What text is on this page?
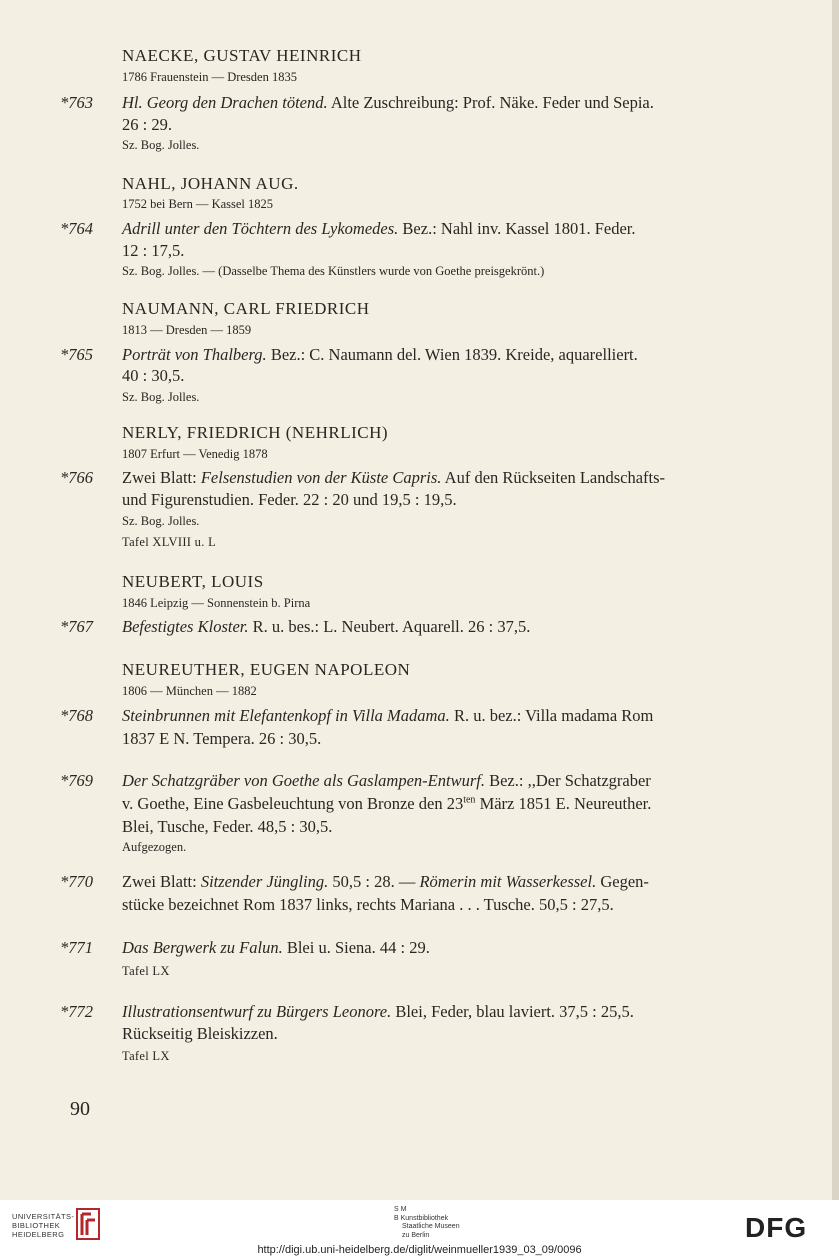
NAECKE, GUSTAV HEINRICH
1786 Frauenstein — Dresden 1835
*763 Hl. Georg den Drachen tötend. Alte Zuschreibung: Prof. Näke. Feder und Sepia.
26 : 29.
Sz. Bog. Jolles.
NAHL, JOHANN AUG.
1752 bei Bern — Kassel 1825
*764 Adrill unter den Töchtern des Lykomedes. Bez.: Nahl inv. Kassel 1801. Feder.
12 : 17,5.
Sz. Bog. Jolles. — (Dasselbe Thema des Künstlers wurde von Goethe preisgekrönt.)
NAUMANN, CARL FRIEDRICH
1813 — Dresden — 1859
*765 Porträt von Thalberg. Bez.: C. Naumann del. Wien 1839. Kreide, aquarelliert.
40 : 30,5.
Sz. Bog. Jolles.
NERLY, FRIEDRICH (NEHRLICH)
1807 Erfurt — Venedig 1878
*766 Zwei Blatt: Felsenstudien von der Küste Capris. Auf den Rückseiten Landschafts-
und Figurenstudien. Feder. 22 : 20 und 19,5 : 19,5.
Sz. Bog. Jolles.
Tafel XLVIII u. L
NEUBERT, LOUIS
1846 Leipzig — Sonnenstein b. Pirna
*767 Befestigtes Kloster. R. u. bes.: L. Neubert. Aquarell. 26 : 37,5.
NEUREUTHER, EUGEN NAPOLEON
1806 — München — 1882
*768 Steinbrunnen mit Elefantenkopf in Villa Madama. R. u. bez.: Villa madama Rom
1837 E N. Tempera. 26 : 30,5.
*769 Der Schatzgräber von Goethe als Gaslampen-Entwurf. Bez.: ,,Der Schatzgraber
v. Goethe, Eine Gasbeleuchtung von Bronze den $23^{ten}$ März 1851 E. Neureuther.
Blei, Tusche, Feder. 48,5 : 30,5.
Aufgezogen.
*770 Zwei Blatt: Sitzender Jüngling. 50,5 : 28. — Römerin mit Wasserkessel. Gegen-
stücke bezeichnet Rom 1837 links, rechts Mariana . . . Tusche. 50,5 : 27,5.
*771 Das Bergwerk zu Falun. Blei u. Siena. 44 : 29.
Tafel LX
*772 Illustrationsentwurf zu Bürgers Leonore. Blei, Feder, blau laviert. 37,5 : 25,5.
Rückseitig Bleiskizzen.
Tafel LX
90
UNIVERSITÄTS-
BIBLIOTHEK
HEIDELBERG
S M
B Kunstbibliothek
Staatliche Museen
zu Berlin	DFG
http://digi.ub.uni-heidelberg.de/diglit/weinmueller1939_03_09/0096
